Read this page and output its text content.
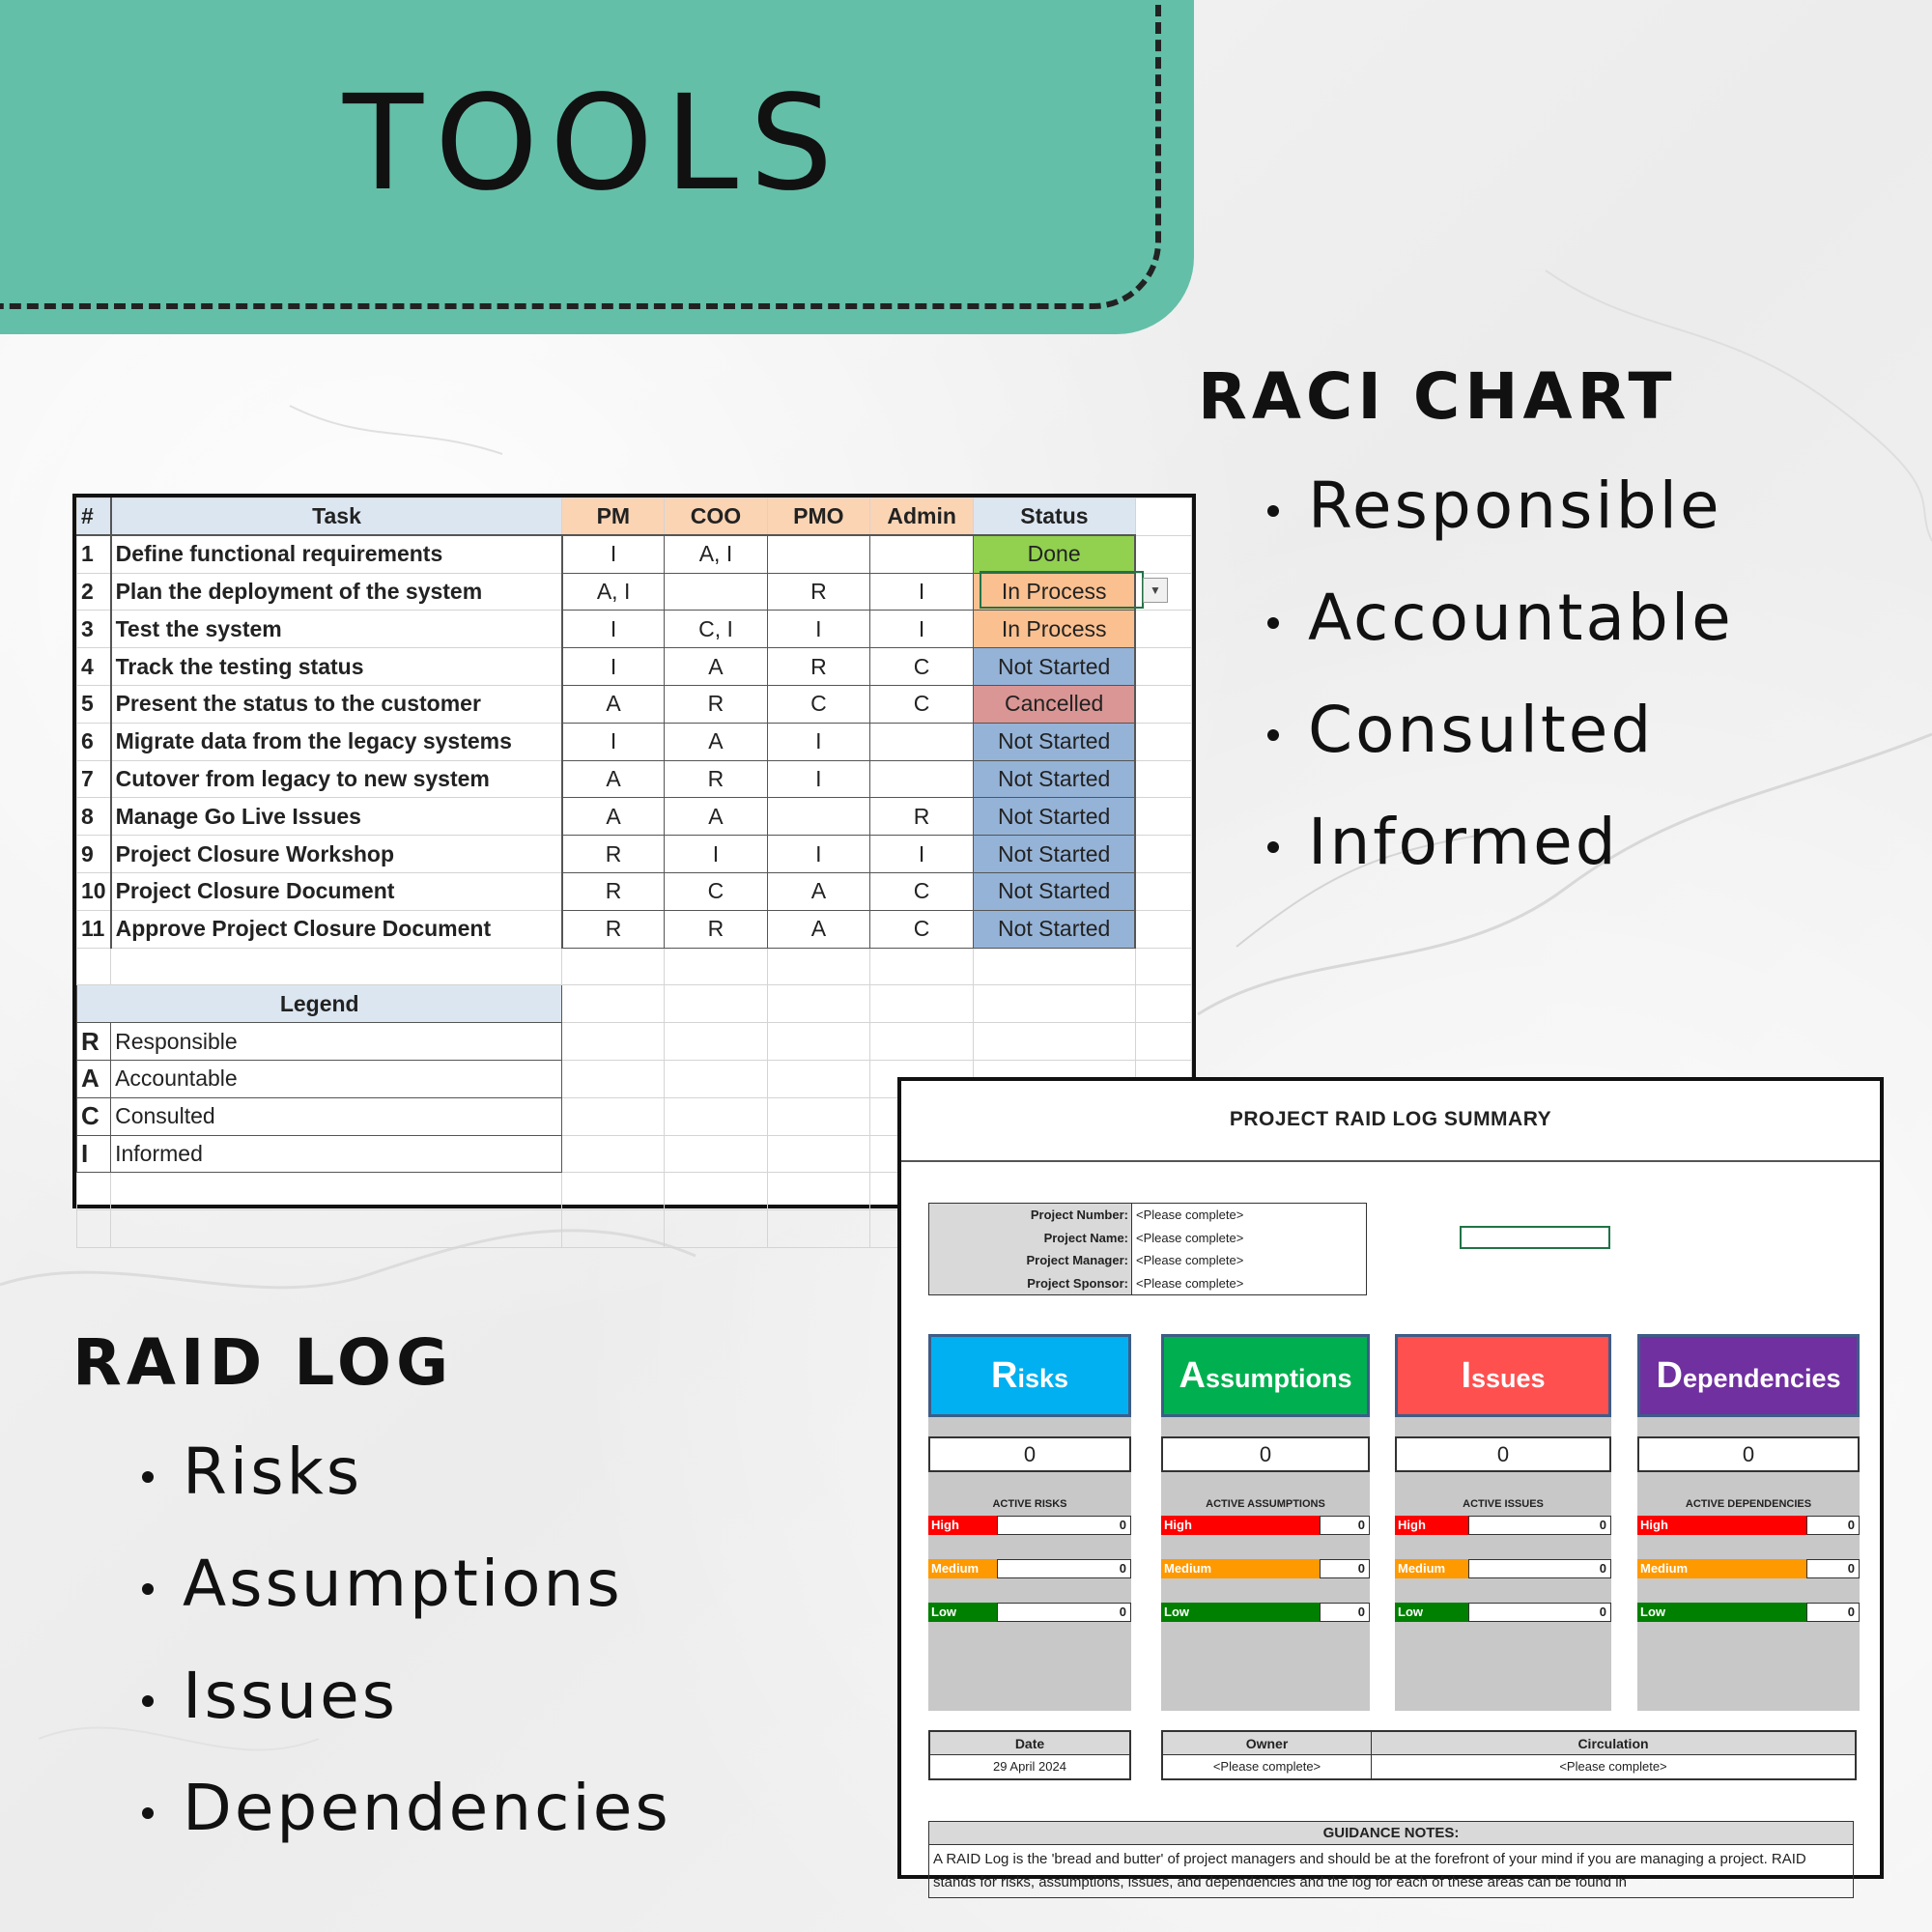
TOOLS
RACI CHART
Responsible
Accountable
Consulted
Informed
RAID LOG
Risks
Assumptions
Issues
Dependencies
#	Task	PM	COO	PMO	Admin	Status	
1	Define functional requirements	I	A, I			Done	
2	Plan the deployment of the system	A, I		R	I	In Process	
3	Test the system	I	C, I	I	I	In Process	
4	Track the testing status	I	A	R	C	Not Started	
5	Present the status to the customer	A	R	C	C	Cancelled	
6	Migrate data from the legacy systems	I	A	I		Not Started	
7	Cutover from legacy to new system	A	R	I		Not Started	
8	Manage Go Live Issues	A	A		R	Not Started	
9	Project Closure Workshop	R	I	I	I	Not Started	
10	Project Closure Document	R	C	A	C	Not Started	
11	Approve Project Closure Document	R	R	A	C	Not Started	

Legend							
R	Responsible						
A	Accountable						
C	Consulted						
I	Informed						

▼
PROJECT RAID LOG SUMMARY
Project Number: <Please complete>
Project Name: <Please complete>
Project Manager: <Please complete>
Project Sponsor: <Please complete>
Risks
0
ACTIVE RISKS
High	0
Medium	0
Low	0
Assumptions
0
ACTIVE ASSUMPTIONS
High	0
Medium	0
Low	0
Issues
0
ACTIVE ISSUES
High	0
Medium	0
Low	0
Dependencies
0
ACTIVE DEPENDENCIES
High	0
Medium	0
Low	0
Date
29 April 2024
Owner
<Please complete>
Circulation
<Please complete>
GUIDANCE NOTES:
A RAID Log is the 'bread and butter' of project managers and should be at the forefront of your mind if you are managing a project. RAID stands for risks, assumptions, issues, and dependencies and the log for each of these areas can be found in
